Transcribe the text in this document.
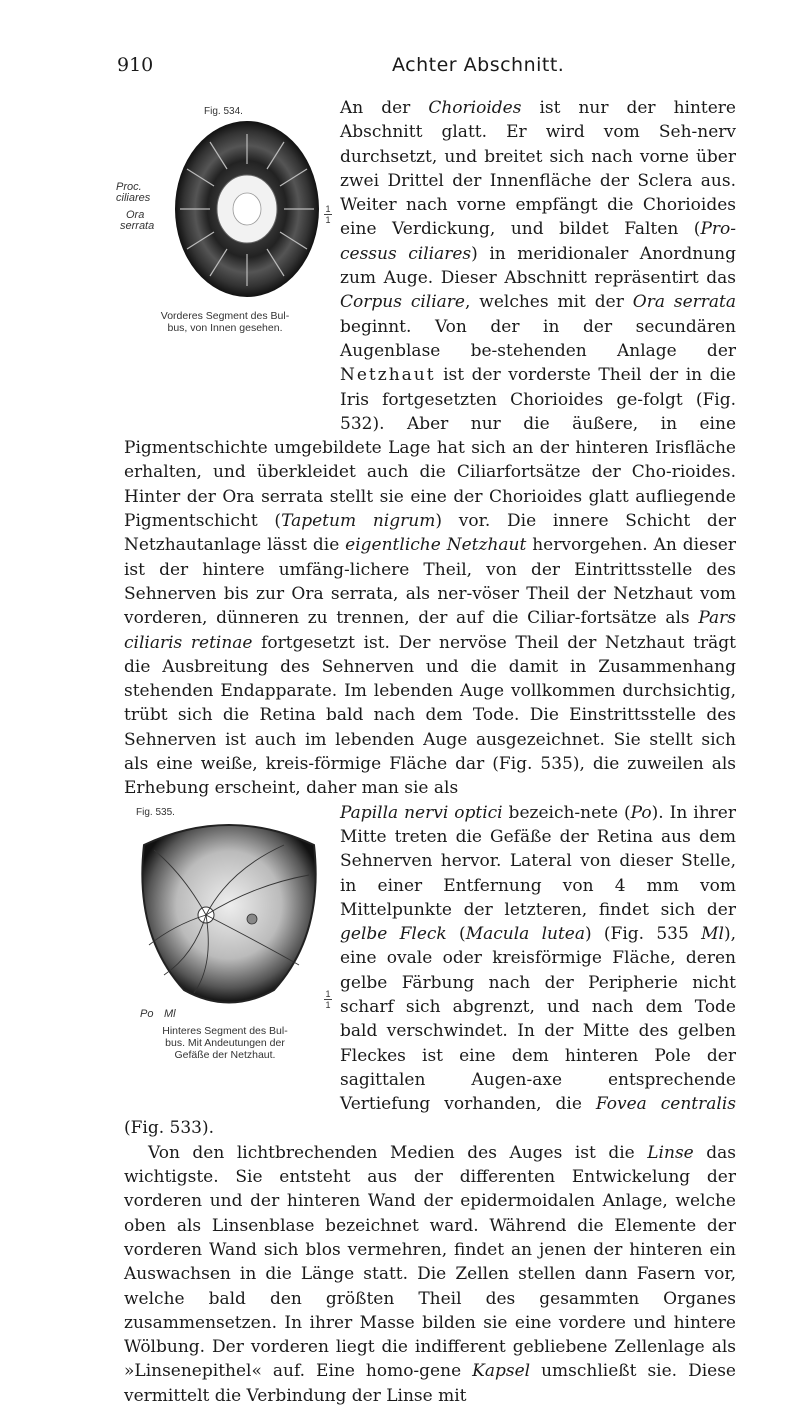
910	Achter Abschnitt.
Fig. 534.
Proc.
ciliares
Ora
serrata
1
1
Vorderes Segment des Bul-
bus, von Innen gesehen.

An der Chorioides ist nur der hintere Abschnitt glatt. Er wird vom Seh-nerv durchsetzt, und breitet sich nach vorne über zwei Drittel der Innenfläche der Sclera aus. Weiter nach vorne empfängt die Chorioides eine Verdickung, und bildet Falten (Pro-cessus ciliares) in meridionaler Anordnung zum Auge. Dieser Abschnitt repräsentirt das Corpus ciliare, welches mit der Ora serrata beginnt. Von der in der secundären Augenblase be-stehenden Anlage der Netzhaut ist der vorderste Theil der in die Iris fortgesetzten Chorioides ge-folgt (Fig. 532). Aber nur die äußere, in eine Pigmentschichte umgebildete Lage hat sich an der hinteren Irisfläche erhalten, und überkleidet auch die Ciliarfortsätze der Cho-rioides. Hinter der Ora serrata stellt sie eine der Chorioides glatt aufliegende Pigmentschicht (Tapetum nigrum) vor. Die innere Schicht der Netzhautanlage lässt die eigentliche Netzhaut hervorgehen. An dieser ist der hintere umfäng-lichere Theil, von der Eintrittsstelle des Sehnerven bis zur Ora serrata, als ner-vöser Theil der Netzhaut vom vorderen, dünneren zu trennen, der auf die Ciliar-fortsätze als Pars ciliaris retinae fortgesetzt ist. Der nervöse Theil der Netzhaut trägt die Ausbreitung des Sehnerven und die damit in Zusammenhang stehenden Endapparate. Im lebenden Auge vollkommen durchsichtig, trübt sich die Retina bald nach dem Tode. Die Einstrittsstelle des Sehnerven ist auch im lebenden Auge ausgezeichnet. Sie stellt sich als eine weiße, kreis-förmige Fläche dar (Fig. 535), die zuweilen als Erhebung erscheint, daher man sie als

Fig. 535.
Po Ml
1
1
Hinteres Segment des Bul-
bus. Mit Andeutungen der
Gefäße der Netzhaut.

Papilla nervi optici bezeich-nete (Po). In ihrer Mitte treten die Gefäße der Retina aus dem Sehnerven hervor. Lateral von dieser Stelle, in einer Entfernung von 4 mm vom Mittelpunkte der letzteren, findet sich der gelbe Fleck (Macula lutea) (Fig. 535 Ml), eine ovale oder kreisförmige Fläche, deren gelbe Färbung nach der Peripherie nicht scharf sich abgrenzt, und nach dem Tode bald verschwindet. In der Mitte des gelben Fleckes ist eine dem hinteren Pole der sagittalen Augen-axe entsprechende Vertiefung vorhanden, die Fovea centralis (Fig. 533).

Von den lichtbrechenden Medien des Auges ist die Linse das wichtigste. Sie entsteht aus der differenten Entwickelung der vorderen und der hinteren Wand der epidermoidalen Anlage, welche oben als Linsenblase bezeichnet ward. Während die Elemente der vorderen Wand sich blos vermehren, findet an jenen der hinteren ein Auswachsen in die Länge statt. Die Zellen stellen dann Fasern vor, welche bald den größten Theil des gesammten Organes zusammensetzen. In ihrer Masse bilden sie eine vordere und hintere Wölbung. Der vorderen liegt die indifferent gebliebene Zellenlage als »Linsenepithel« auf. Eine homo-gene Kapsel umschließt sie. Diese vermittelt die Verbindung der Linse mit
